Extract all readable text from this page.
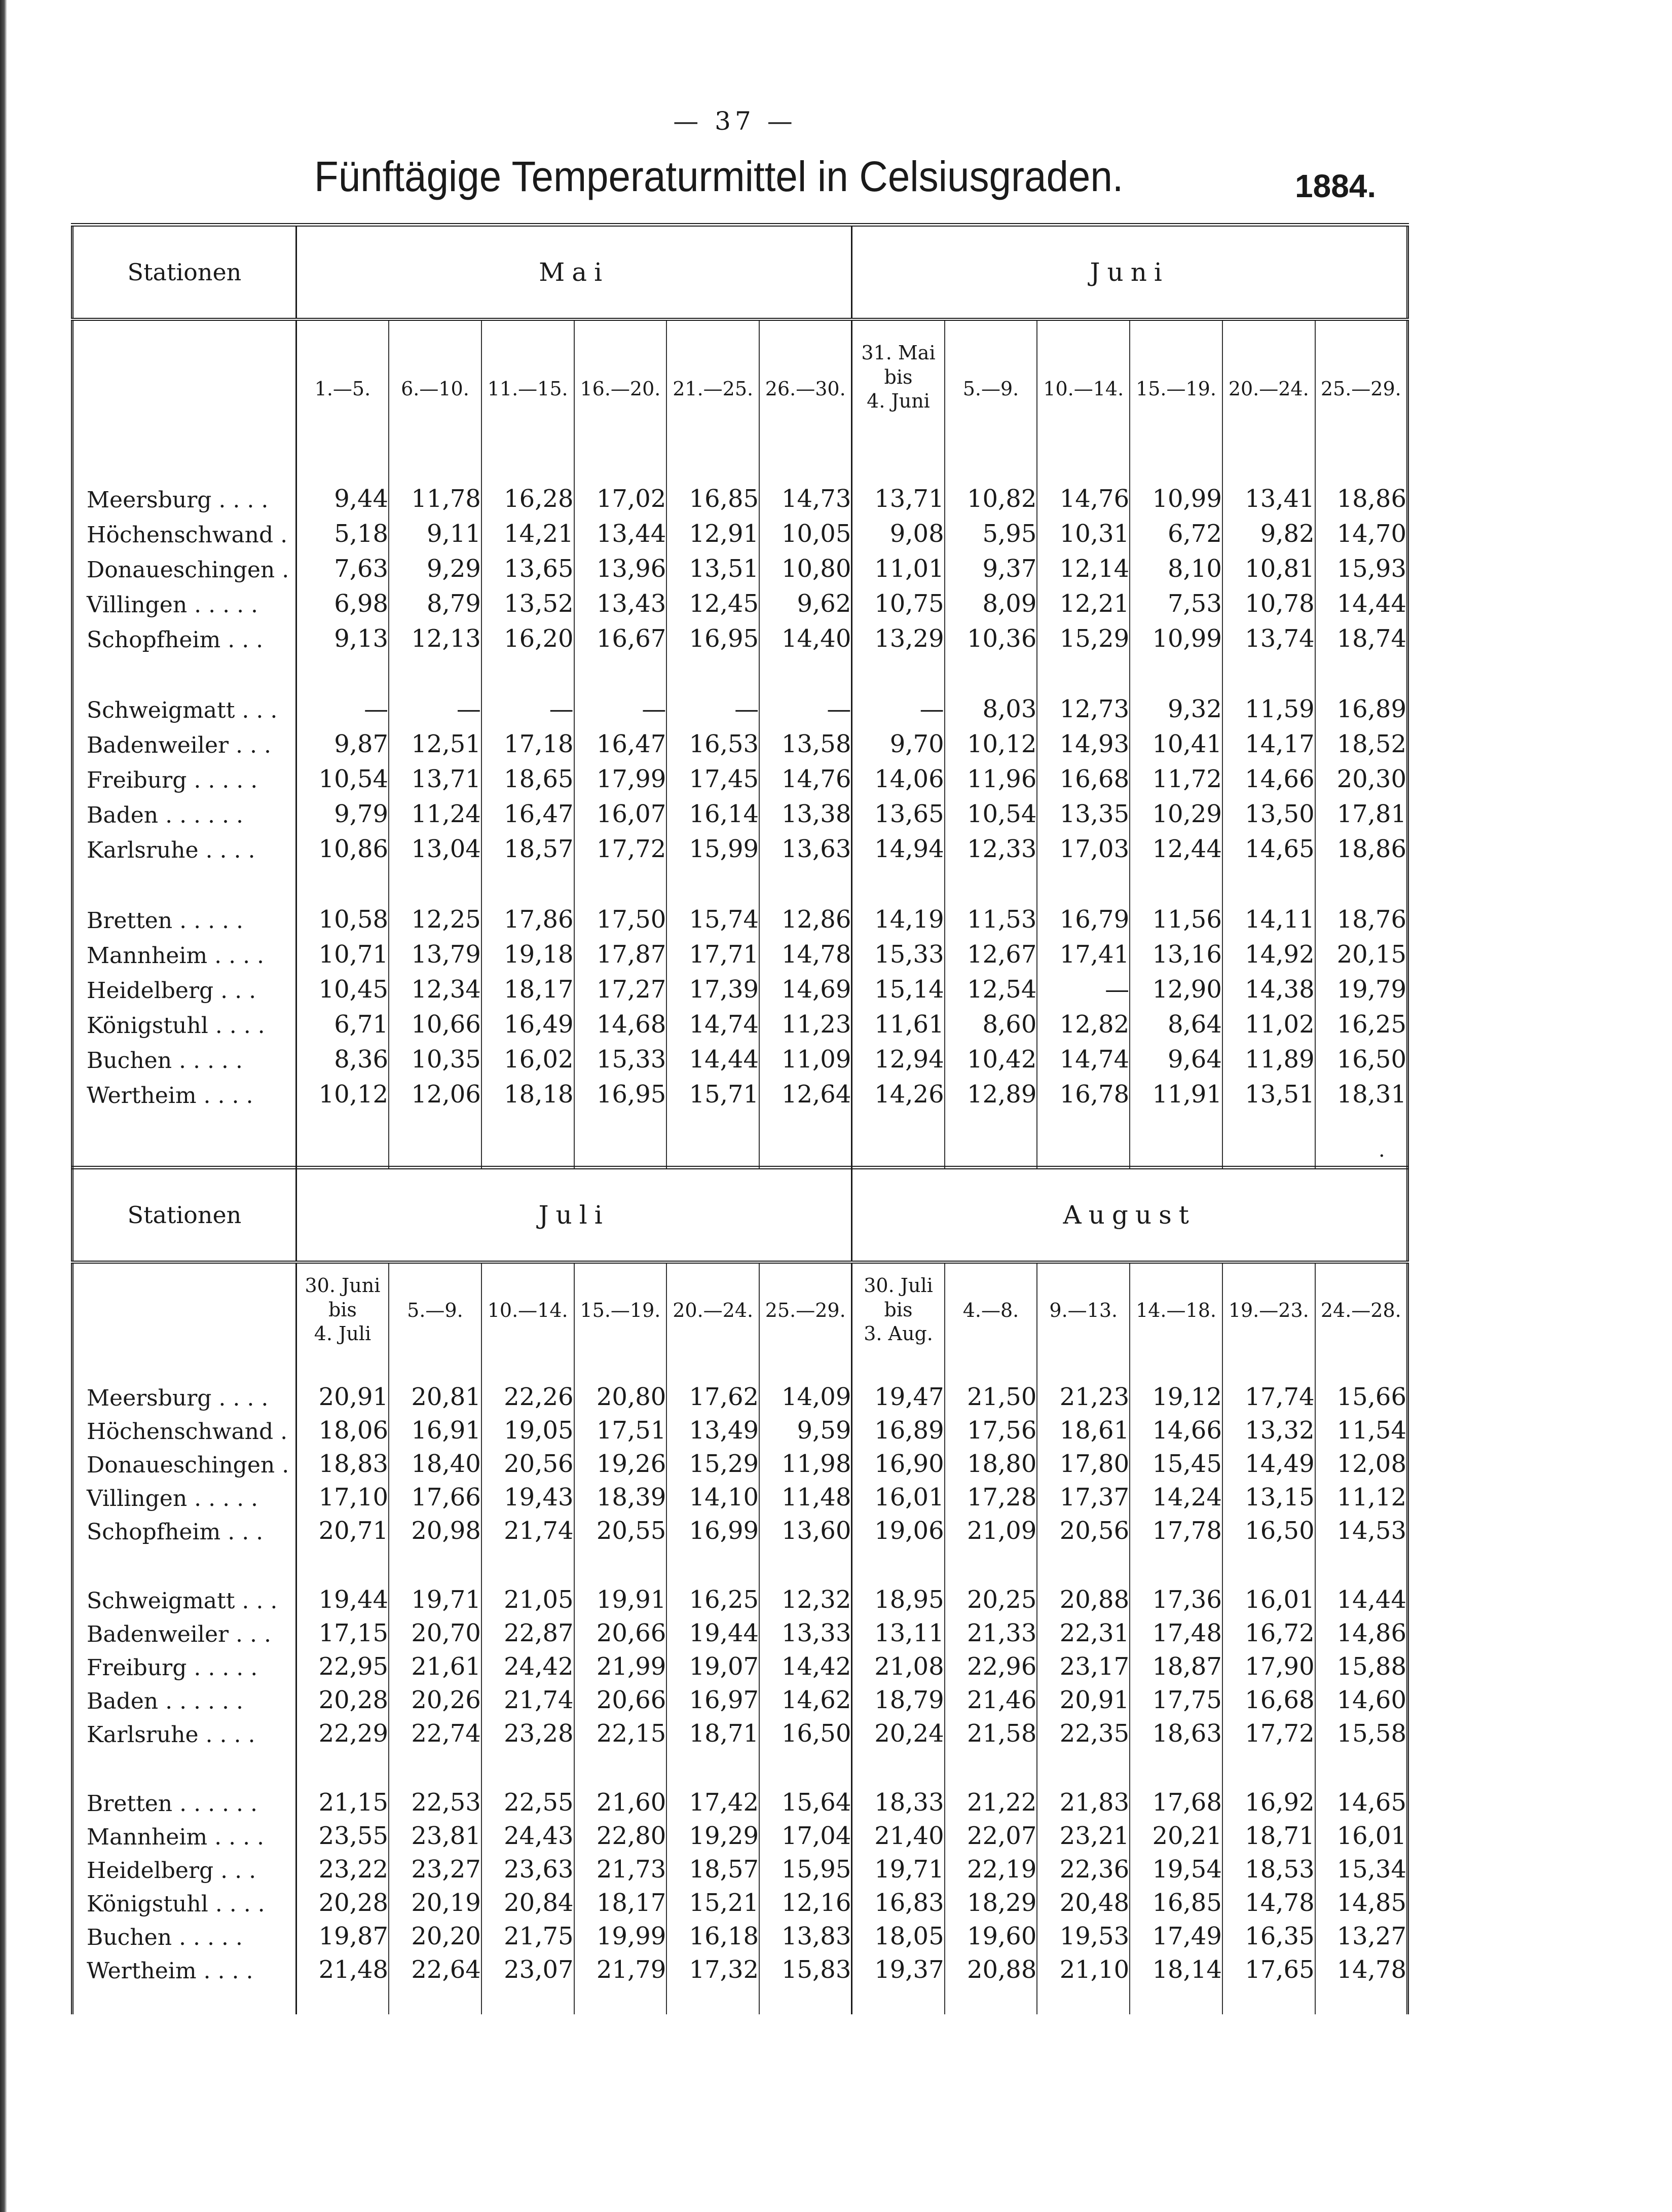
— 37 —
Fünftägige Temperaturmittel in Celsiusgraden.	1884.
Stationen	Mai						Juni					
	1.—5.	6.—10.	11.—15.	16.—20.	21.—25.	26.—30.	31. Mai
bis
4. Juni	5.—9.	10.—14.	15.—19.	20.—24.	25.—29.

Meersburg . . . .	9,44	11,78	16,28	17,02	16,85	14,73	13,71	10,82	14,76	10,99	13,41	18,86
Höchenschwand .	5,18	9,11	14,21	13,44	12,91	10,05	9,08	5,95	10,31	6,72	9,82	14,70
Donaueschingen .	7,63	9,29	13,65	13,96	13,51	10,80	11,01	9,37	12,14	8,10	10,81	15,93
Villingen . . . . .	6,98	8,79	13,52	13,43	12,45	9,62	10,75	8,09	12,21	7,53	10,78	14,44
Schopfheim . . .	9,13	12,13	16,20	16,67	16,95	14,40	13,29	10,36	15,29	10,99	13,74	18,74

Schweigmatt . . .	—	—	—	—	—	—	—	8,03	12,73	9,32	11,59	16,89
Badenweiler . . .	9,87	12,51	17,18	16,47	16,53	13,58	9,70	10,12	14,93	10,41	14,17	18,52
Freiburg . . . . .	10,54	13,71	18,65	17,99	17,45	14,76	14,06	11,96	16,68	11,72	14,66	20,30
Baden . . . . . .	9,79	11,24	16,47	16,07	16,14	13,38	13,65	10,54	13,35	10,29	13,50	17,81
Karlsruhe . . . .	10,86	13,04	18,57	17,72	15,99	13,63	14,94	12,33	17,03	12,44	14,65	18,86

Bretten . . . . .	10,58	12,25	17,86	17,50	15,74	12,86	14,19	11,53	16,79	11,56	14,11	18,76
Mannheim . . . .	10,71	13,79	19,18	17,87	17,71	14,78	15,33	12,67	17,41	13,16	14,92	20,15
Heidelberg . . .	10,45	12,34	18,17	17,27	17,39	14,69	15,14	12,54	—	12,90	14,38	19,79
Königstuhl . . . .	6,71	10,66	16,49	14,68	14,74	11,23	11,61	8,60	12,82	8,64	11,02	16,25
Buchen . . . . .	8,36	10,35	16,02	15,33	14,44	11,09	12,94	10,42	14,74	9,64	11,89	16,50
Wertheim . . . .	10,12	12,06	18,18	16,95	15,71	12,64	14,26	12,89	16,78	11,91	13,51	18,31

·
Stationen	Juli						August					
	30. Juni
bis
4. Juli	5.—9.	10.—14.	15.—19.	20.—24.	25.—29.	30. Juli
bis
3. Aug.	4.—8.	9.—13.	14.—18.	19.—23.	24.—28.

Meersburg . . . .	20,91	20,81	22,26	20,80	17,62	14,09	19,47	21,50	21,23	19,12	17,74	15,66
Höchenschwand .	18,06	16,91	19,05	17,51	13,49	9,59	16,89	17,56	18,61	14,66	13,32	11,54
Donaueschingen .	18,83	18,40	20,56	19,26	15,29	11,98	16,90	18,80	17,80	15,45	14,49	12,08
Villingen . . . . .	17,10	17,66	19,43	18,39	14,10	11,48	16,01	17,28	17,37	14,24	13,15	11,12
Schopfheim . . .	20,71	20,98	21,74	20,55	16,99	13,60	19,06	21,09	20,56	17,78	16,50	14,53

Schweigmatt . . .	19,44	19,71	21,05	19,91	16,25	12,32	18,95	20,25	20,88	17,36	16,01	14,44
Badenweiler . . .	17,15	20,70	22,87	20,66	19,44	13,33	13,11	21,33	22,31	17,48	16,72	14,86
Freiburg . . . . .	22,95	21,61	24,42	21,99	19,07	14,42	21,08	22,96	23,17	18,87	17,90	15,88
Baden . . . . . .	20,28	20,26	21,74	20,66	16,97	14,62	18,79	21,46	20,91	17,75	16,68	14,60
Karlsruhe . . . .	22,29	22,74	23,28	22,15	18,71	16,50	20,24	21,58	22,35	18,63	17,72	15,58

Bretten . . . . . .	21,15	22,53	22,55	21,60	17,42	15,64	18,33	21,22	21,83	17,68	16,92	14,65
Mannheim . . . .	23,55	23,81	24,43	22,80	19,29	17,04	21,40	22,07	23,21	20,21	18,71	16,01
Heidelberg . . .	23,22	23,27	23,63	21,73	18,57	15,95	19,71	22,19	22,36	19,54	18,53	15,34
Königstuhl . . . .	20,28	20,19	20,84	18,17	15,21	12,16	16,83	18,29	20,48	16,85	14,78	14,85
Buchen . . . . .	19,87	20,20	21,75	19,99	16,18	13,83	18,05	19,60	19,53	17,49	16,35	13,27
Wertheim . . . .	21,48	22,64	23,07	21,79	17,32	15,83	19,37	20,88	21,10	18,14	17,65	14,78
